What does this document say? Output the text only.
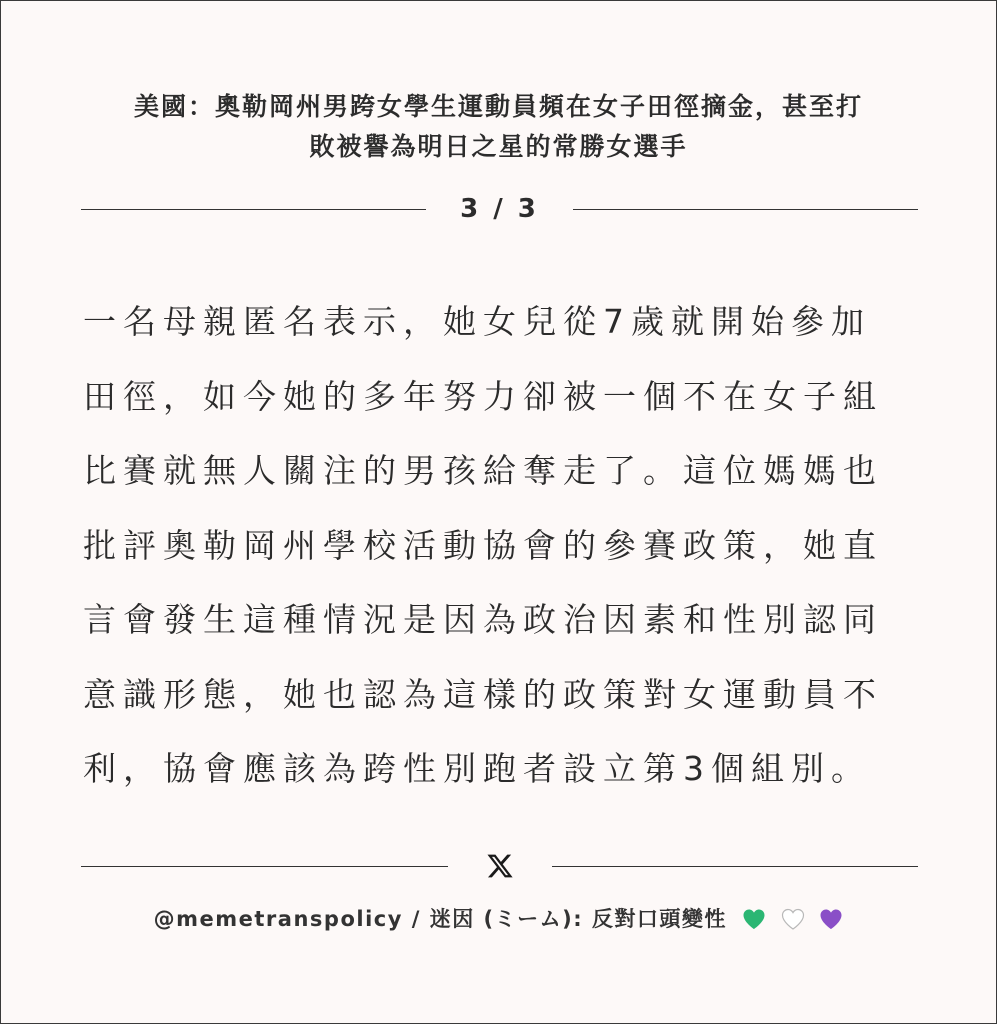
美國：奧勒岡州男跨女學生運動員頻在女子田徑摘金，甚至打
敗被譽為明日之星的常勝女選手
3 / 3
一名母親匿名表示，她女兒從7歲就開始參加
田徑，如今她的多年努力卻被一個不在女子組
比賽就無人關注的男孩給奪走了。這位媽媽也
批評奧勒岡州學校活動協會的參賽政策，她直
言會發生這種情況是因為政治因素和性別認同
意識形態，她也認為這樣的政策對女運動員不
利，協會應該為跨性別跑者設立第3個組別。
@memetranspolicy / 迷因 (ミーム): 反對口頭變性
